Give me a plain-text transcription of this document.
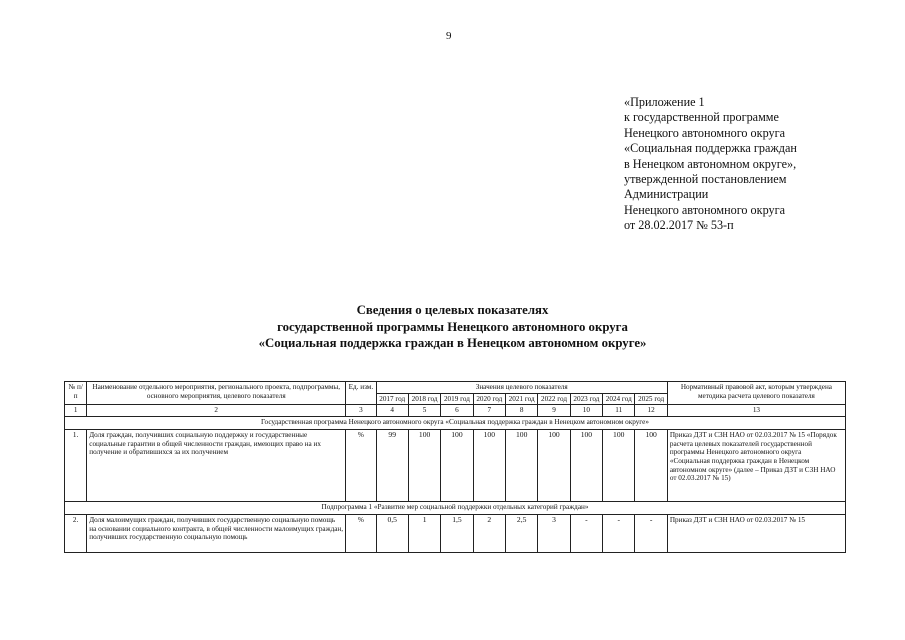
9
«Приложение 1
к государственной программе
Ненецкого автономного округа
«Социальная поддержка граждан
в Ненецком автономном округе»,
утвержденной постановлением
Администрации
Ненецкого автономного округа
от 28.02.2017 № 53-п
Сведения о целевых показателях
государственной программы Ненецкого автономного округа
«Социальная поддержка граждан в Ненецком автономном округе»
№ п/п	Наименование отдельного мероприятия, регионального проекта, подпрограммы, основного мероприятия, целевого показателя	Ед. изм.	Значения целевого показателя									Нормативный правовой акт, которым утверждена методика расчета целевого показателя
			2017 год	2018 год	2019 год	2020 год	2021 год	2022 год	2023 год	2024 год	2025 год	
1	2	3	4	5	6	7	8	9	10	11	12	13
Государственная программа Ненецкого автономного округа «Социальная поддержка граждан в Ненецком автономном округе»												
1.	Доля граждан, получивших социальную поддержку и государственные социальные гарантии в общей численности граждан, имеющих право на их получение и обратившихся за их получением	%	99	100	100	100	100	100	100	100	100	Приказ ДЗТ и СЗН НАО от 02.03.2017 № 15 «Порядок расчета целевых показателей государственной программы Ненецкого автономного округа «Социальная поддержка граждан в Ненецком автономном округе» (далее – Приказ ДЗТ и СЗН НАО от 02.03.2017 № 15)
Подпрограмма 1 «Развитие мер социальной поддержки отдельных категорий граждан»												
2.	Доля малоимущих граждан, получивших государственную социальную помощь на основании социального контракта, в общей численности малоимущих граждан, получивших государственную социальную помощь	%	0,5	1	1,5	2	2,5	3	-	-	-	Приказ ДЗТ и СЗН НАО от 02.03.2017 № 15
